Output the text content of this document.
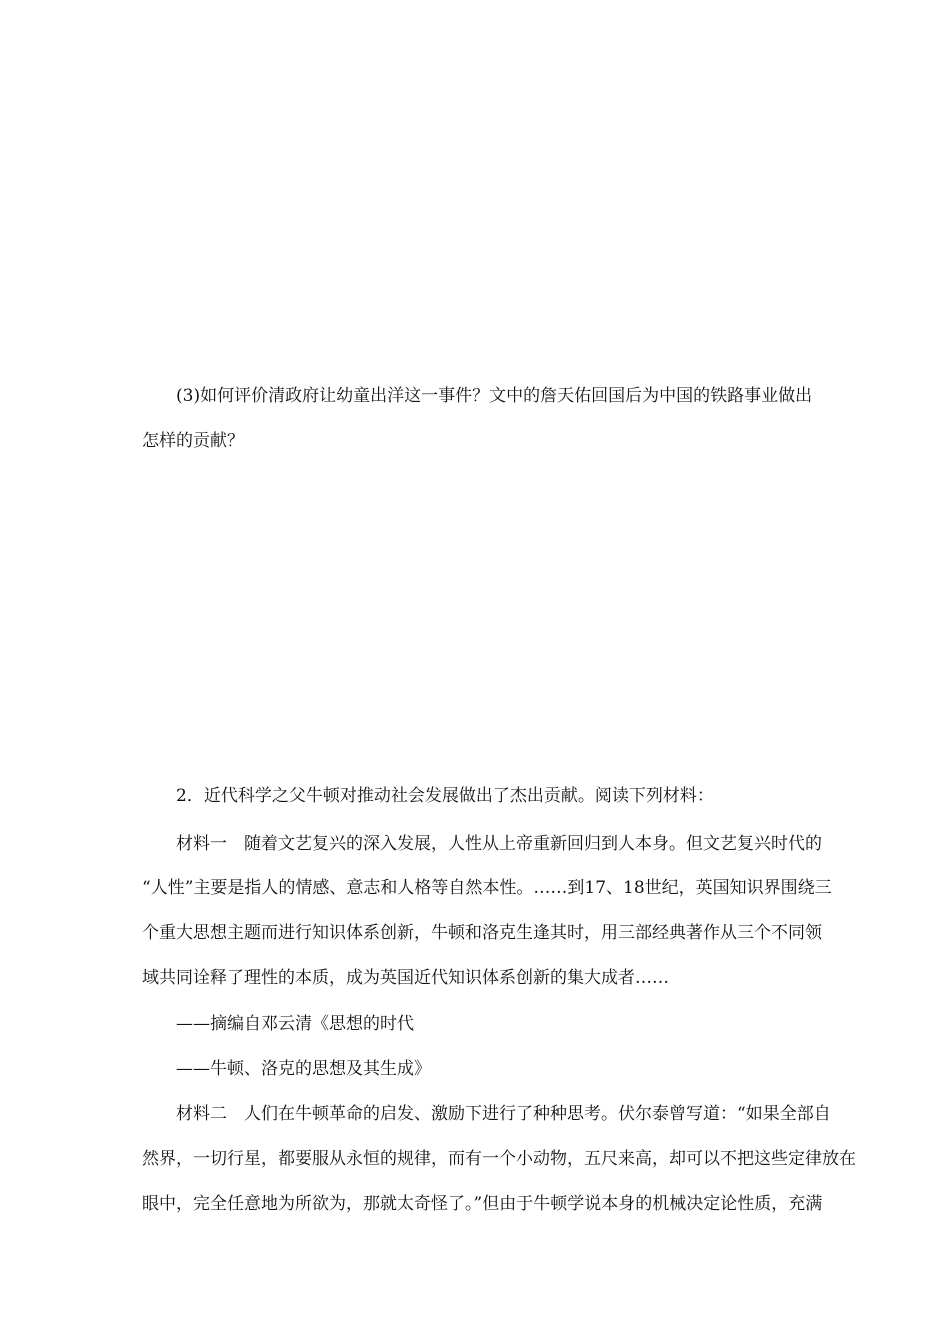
(3)如何评价清政府让幼童出洋这一事件？文中的詹天佑回国后为中国的铁路事业做出
怎样的贡献？
2．近代科学之父牛顿对推动社会发展做出了杰出贡献。阅读下列材料：
材料一　随着文艺复兴的深入发展，人性从上帝重新回归到人本身。但文艺复兴时代的
“人性”主要是指人的情感、意志和人格等自然本性。……到17、18世纪，英国知识界围绕三
个重大思想主题而进行知识体系创新，牛顿和洛克生逢其时，用三部经典著作从三个不同领
域共同诠释了理性的本质，成为英国近代知识体系创新的集大成者……
——摘编自邓云清《思想的时代
——牛顿、洛克的思想及其生成》
材料二　人们在牛顿革命的启发、激励下进行了种种思考。伏尔泰曾写道：“如果全部自
然界，一切行星，都要服从永恒的规律，而有一个小动物，五尺来高，却可以不把这些定律放在
眼中，完全任意地为所欲为，那就太奇怪了。”但由于牛顿学说本身的机械决定论性质，充满
